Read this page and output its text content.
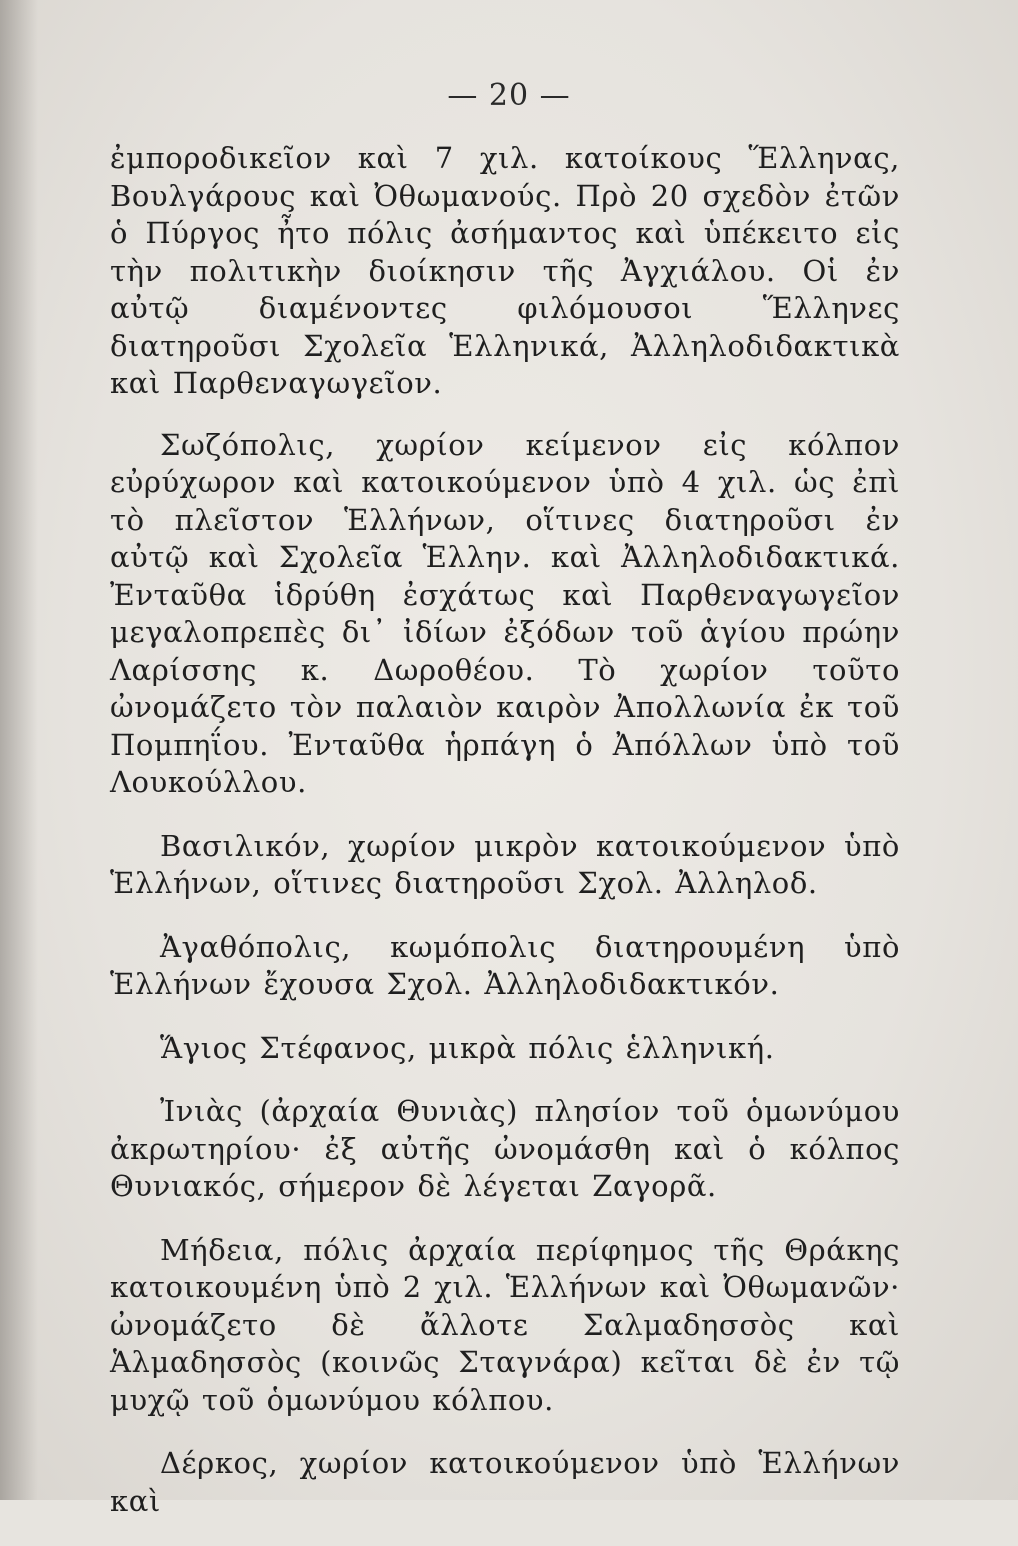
— 20 —

ἐμποροδικεῖον καὶ 7 χιλ. κατοίκους Ἕλληνας, Βουλγάρους καὶ Ὀθωμανούς. Πρὸ 20 σχεδὸν ἐτῶν ὁ Πύργος ἦτο πόλις ἀσήμαντος καὶ ὑπέκειτο εἰς τὴν πολιτικὴν διοίκησιν τῆς Ἀγχιάλου. Οἱ ἐν αὐτῷ διαμένοντες φιλόμουσοι Ἕλληνες διατηροῦσι Σχολεῖα Ἑλληνικά, Ἀλληλοδιδακτικὰ καὶ Παρθεναγωγεῖον.

Σωζόπολις, χωρίον κείμενον εἰς κόλπον εὐρύχωρον καὶ κατοικούμενον ὑπὸ 4 χιλ. ὡς ἐπὶ τὸ πλεῖστον Ἑλλήνων, οἵτινες διατηροῦσι ἐν αὐτῷ καὶ Σχολεῖα Ἑλλην. καὶ Ἀλληλοδιδακτικά. Ἐνταῦθα ἱδρύθη ἐσχάτως καὶ Παρθεναγωγεῖον μεγαλοπρεπὲς δι᾽ ἰδίων ἐξόδων τοῦ ἁγίου πρώην Λαρίσσης κ. Δωροθέου. Τὸ χωρίον τοῦτο ὠνομάζετο τὸν παλαιὸν καιρὸν Ἀπολλωνία ἐκ τοῦ Πομπηΐου. Ἐνταῦθα ἡρπάγη ὁ Ἀπόλλων ὑπὸ τοῦ Λουκούλλου.

Βασιλικόν, χωρίον μικρὸν κατοικούμενον ὑπὸ Ἑλλήνων, οἵτινες διατηροῦσι Σχολ. Ἀλληλοδ.

Ἀγαθόπολις, κωμόπολις διατηρουμένη ὑπὸ Ἑλλήνων ἔχουσα Σχολ. Ἀλληλοδιδακτικόν.

Ἅγιος Στέφανος, μικρὰ πόλις ἑλληνική.

Ἰνιὰς (ἀρχαία Θυνιὰς) πλησίον τοῦ ὁμωνύμου ἀκρωτηρίου· ἐξ αὐτῆς ὠνομάσθη καὶ ὁ κόλπος Θυνιακός, σήμερον δὲ λέγεται Ζαγορᾶ.

Μήδεια, πόλις ἀρχαία περίφημος τῆς Θράκης κατοικουμένη ὑπὸ 2 χιλ. Ἑλλήνων καὶ Ὀθωμανῶν· ὠνομάζετο δὲ ἄλλοτε Σαλμαδησσὸς καὶ Ἁλμαδησσὸς (κοινῶς Σταγνάρα) κεῖται δὲ ἐν τῷ μυχῷ τοῦ ὁμωνύμου κόλπου.

Δέρκος, χωρίον κατοικούμενον ὑπὸ Ἑλλήνων καὶ
